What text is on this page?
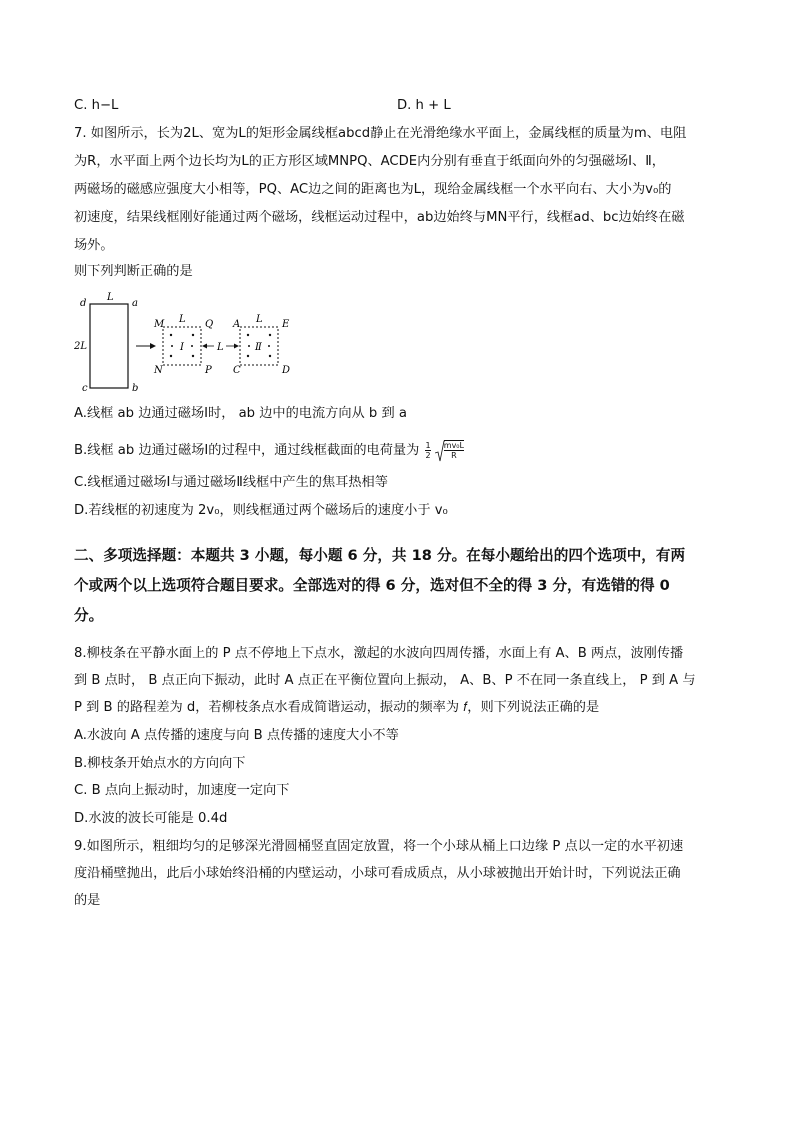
C. h−L	D. h + L
7. 如图所示，长为2L、宽为L的矩形金属线框abcd静止在光滑绝缘水平面上，金属线框的质量为m、电阻
为R，水平面上两个边长均为L的正方形区域MNPQ、ACDE内分别有垂直于纸面向外的匀强磁场Ⅰ、Ⅱ，
两磁场的磁感应强度大小相等，PQ、AC边之间的距离也为L，现给金属线框一个水平向右、大小为v₀的
初速度，结果线框刚好能通过两个磁场，线框运动过程中，ab边始终与MN平行，线框ad、bc边始终在磁
场外。
则下列判断正确的是
d
L
a
2L
c	b
M L Q
N	P
Ⅰ	L
A L E
C	D
Ⅱ
A.线框 ab 边通过磁场Ⅰ时， ab 边中的电流方向从 b 到 a
B.线框 ab 边通过磁场Ⅰ的过程中，通过线框截面的电荷量为 $\frac{1}{2}$
$\frac{\text{mv₀L}}{R}$
C.线框通过磁场Ⅰ与通过磁场Ⅱ线框中产生的焦耳热相等
D.若线框的初速度为 2v₀，则线框通过两个磁场后的速度小于 v₀
二、多项选择题：本题共 3 小题，每小题 6 分，共 18 分。在每小题给出的四个选项中，有两
个或两个以上选项符合题目要求。全部选对的得 6 分，选对但不全的得 3 分，有选错的得 0
分。
8.柳枝条在平静水面上的 P 点不停地上下点水，激起的水波向四周传播，水面上有 A、B 两点，波刚传播
到 B 点时， B 点正向下振动，此时 A 点正在平衡位置向上振动， A、B、P 不在同一条直线上， P 到 A 与
P 到 B 的路程差为 d，若柳枝条点水看成简谐运动，振动的频率为 𝑓，则下列说法正确的是
A.水波向 A 点传播的速度与向 B 点传播的速度大小不等
B.柳枝条开始点水的方向向下
C. B 点向上振动时，加速度一定向下
D.水波的波长可能是 0.4d
9.如图所示，粗细均匀的足够深光滑圆桶竖直固定放置，将一个小球从桶上口边缘 P 点以一定的水平初速
度沿桶壁抛出，此后小球始终沿桶的内壁运动，小球可看成质点，从小球被抛出开始计时，下列说法正确
的是
